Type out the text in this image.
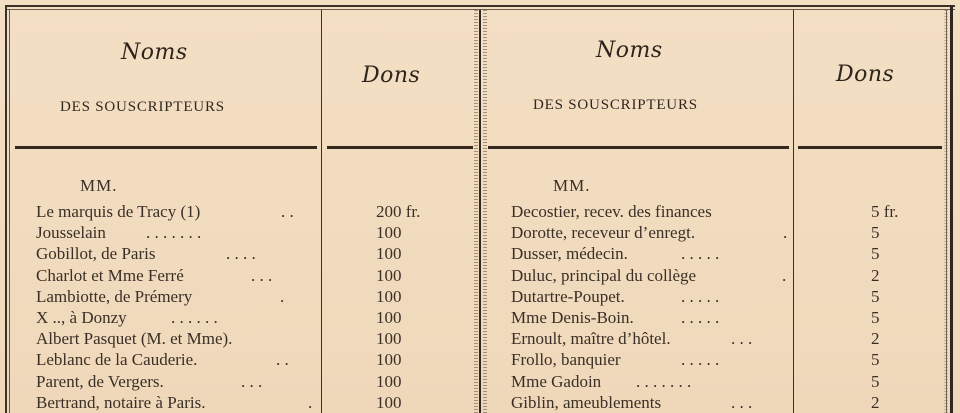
Noms
DES SOUSCRIPTEURS
Dons
MM.
Le marquis de Tracy (1)	. .	200 fr.
Jousselain . . . . . . .	100
Gobillot, de Paris	. . . .	100
Charlot et Mme Ferré	. . .	100
Lambiotte, de Prémery	.	100
X .., à Donzy	. . . . . .	100
Albert Pasquet (M. et Mme).	100
Leblanc de la Cauderie.	. .	100
Parent, de Vergers.	. . .	100
Bertrand, notaire à Paris.	.	100
Noms
DES SOUSCRIPTEURS
Dons
MM.
Decostier, recev. des finances	5 fr.
Dorotte, receveur d’enregt.	.	5
Dusser, médecin.	. . . . .	5
Duluc, principal du collège	.	2
Dutartre-Poupet.	. . . . .	5
Mme Denis-Boin.	. . . . .	5
Ernoult, maître d’hôtel.	. . .	2
Frollo, banquier	. . . . .	5
Mme Gadoin . . . . . . .	5
Giblin, ameublements	. . .	2
